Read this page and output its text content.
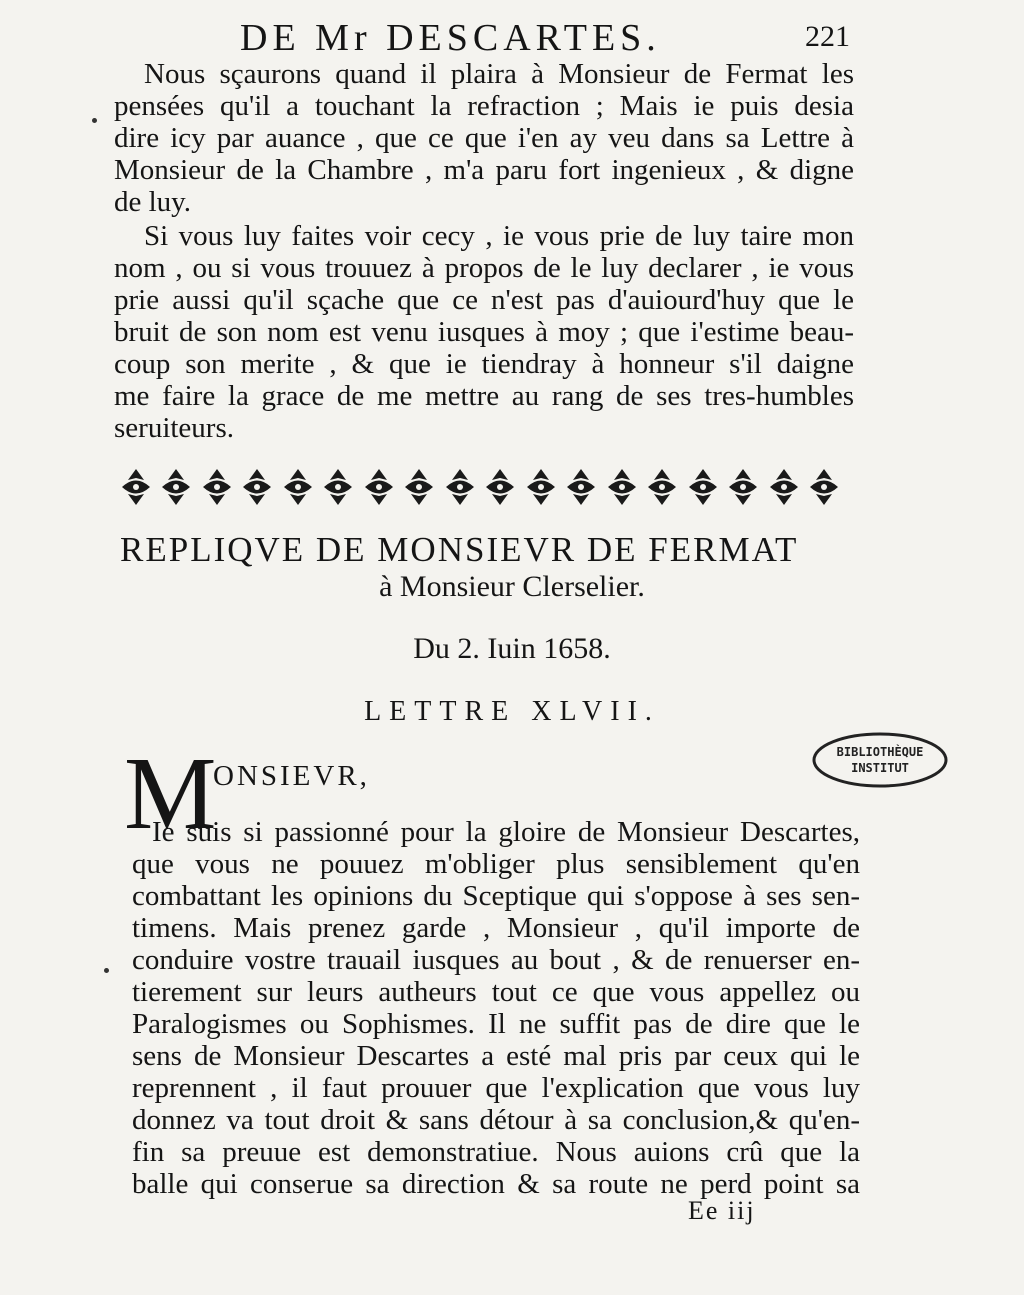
DE Mr DESCARTES.	221
Nous sçaurons quand il plaira à Monsieur de Fermat les
pensées qu'il a touchant la refraction ; Mais ie puis desia
dire icy par auance , que ce que i'en ay veu dans sa Lettre à
Monsieur de la Chambre , m'a paru fort ingenieux , & digne
de luy.
Si vous luy faites voir cecy , ie vous prie de luy taire mon
nom , ou si vous trouuez à propos de le luy declarer , ie vous
prie aussi qu'il sçache que ce n'est pas d'auiourd'huy que le
bruit de son nom est venu iusques à moy ; que i'estime beau-
coup son merite , & que ie tiendray à honneur s'il daigne
me faire la grace de me mettre au rang de ses tres-humbles
seruiteurs.
REPLIQVE DE MONSIEVR DE FERMAT
à Monsieur Clerselier.
Du 2. Iuin 1658.
LETTRE XLVII.
BIBLIOTHÈQUE
INSTITUT
M
ONSIEVR,
Ie suis si passionné pour la gloire de Monsieur Descartes,
que vous ne pouuez m'obliger plus sensiblement qu'en
combattant les opinions du Sceptique qui s'oppose à ses sen-
timens. Mais prenez garde , Monsieur , qu'il importe de
conduire vostre trauail iusques au bout , & de renuerser en-
tierement sur leurs autheurs tout ce que vous appellez ou
Paralogismes ou Sophismes. Il ne suffit pas de dire que le
sens de Monsieur Descartes a esté mal pris par ceux qui le
reprennent , il faut prouuer que l'explication que vous luy
donnez va tout droit & sans détour à sa conclusion,& qu'en-
fin sa preuue est demonstratiue. Nous auions crû que la
balle qui conserue sa direction & sa route ne perd point sa
Ee iij
